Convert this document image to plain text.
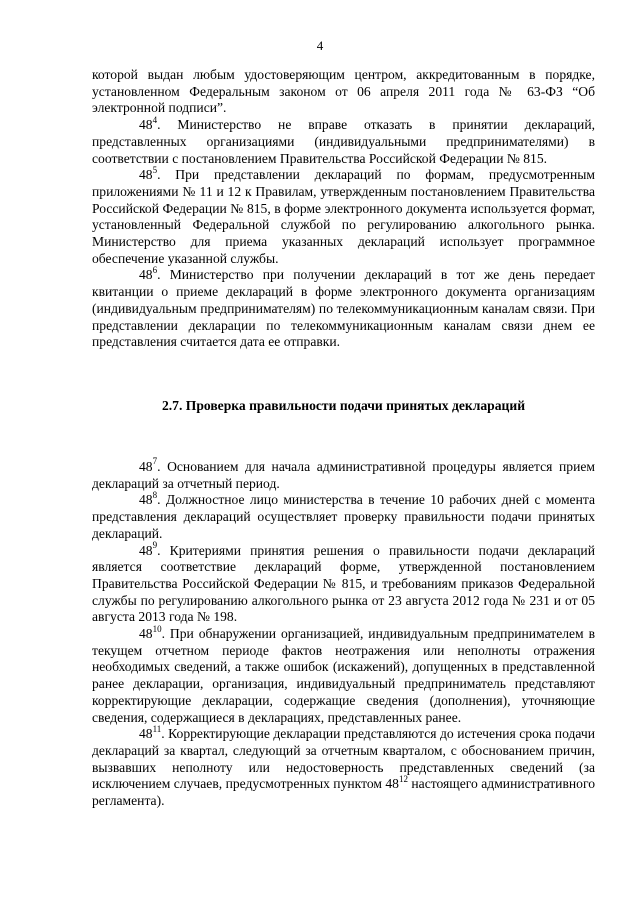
4

которой выдан любым удостоверяющим центром, аккредитованным в порядке, установленном Федеральным законом от 06 апреля 2011 года № 63-ФЗ “Об электронной подписи”.

$48^4$. Министерство не вправе отказать в принятии деклараций, представленных организациями (индивидуальными предпринимателями) в соответствии с постановлением Правительства Российской Федерации № 815.

$48^5$. При представлении деклараций по формам, предусмотренным приложениями № 11 и 12 к Правилам, утвержденным постановлением Правительства Российской Федерации № 815, в форме электронного документа используется формат, установленный Федеральной службой по регулированию алкогольного рынка. Министерство для приема указанных деклараций использует программное обеспечение указанной службы.

$48^6$. Министерство при получении деклараций в тот же день передает квитанции о приеме деклараций в форме электронного документа организациям (индивидуальным предпринимателям) по телекоммуникационным каналам связи. При представлении декларации по телекоммуникационным каналам связи днем ее представления считается дата ее отправки.

2.7. Проверка правильности подачи принятых деклараций

$48^7$. Основанием для начала административной процедуры является прием деклараций за отчетный период.

$48^8$. Должностное лицо министерства в течение 10 рабочих дней с момента представления деклараций осуществляет проверку правильности подачи принятых деклараций.

$48^9$. Критериями принятия решения о правильности подачи деклараций является соответствие деклараций форме, утвержденной постановлением Правительства Российской Федерации № 815, и требованиям приказов Федеральной службы по регулированию алкогольного рынка от 23 августа 2012 года № 231 и от 05 августа 2013 года № 198.

$48^{10}$. При обнаружении организацией, индивидуальным предпринимателем в текущем отчетном периоде фактов неотражения или неполноты отражения необходимых сведений, а также ошибок (искажений), допущенных в представленной ранее декларации, организация, индивидуальный предприниматель представляют корректирующие декларации, содержащие сведения (дополнения), уточняющие сведения, содержащиеся в декларациях, представленных ранее.

$48^{11}$. Корректирующие декларации представляются до истечения срока подачи деклараций за квартал, следующий за отчетным кварталом, с обоснованием причин, вызвавших неполноту или недостоверность представленных сведений (за исключением случаев, предусмотренных пунктом $48^{12}$ настоящего административного регламента).
